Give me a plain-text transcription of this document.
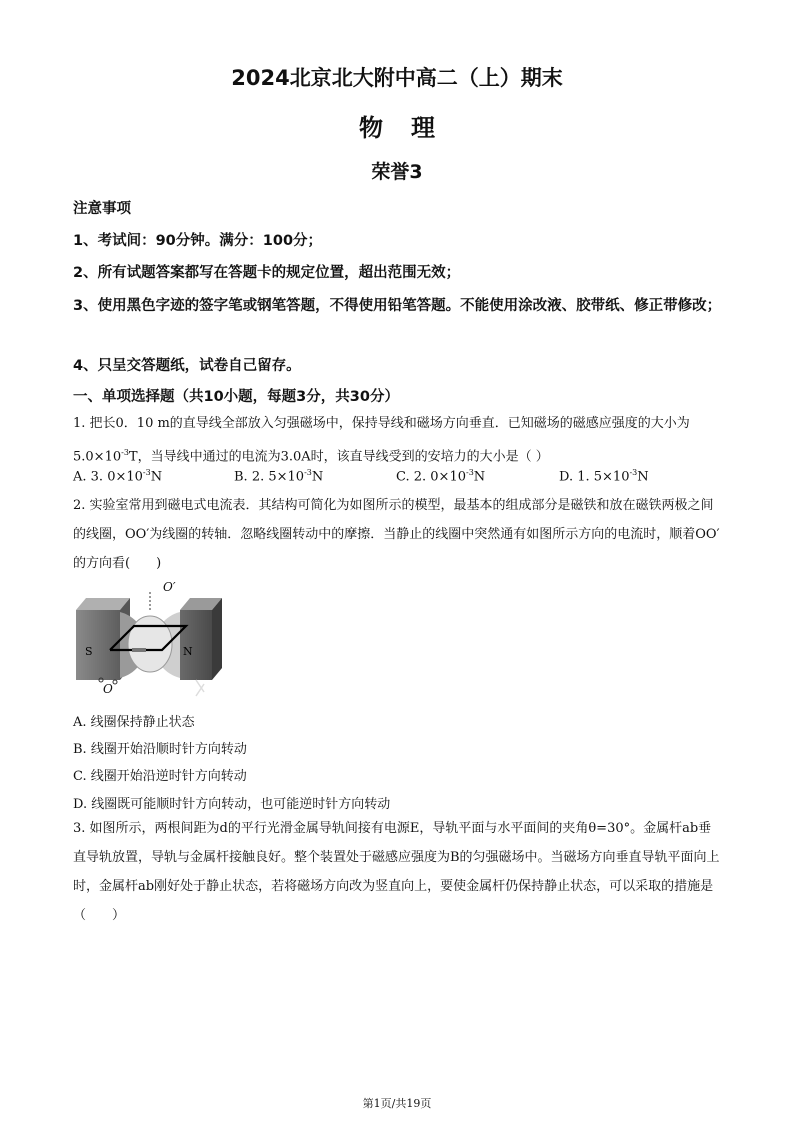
2024北京北大附中高二（上）期末
物理
荣誉3
注意事项
1、考试间：90分钟。满分：100分；
2、所有试题答案都写在答题卡的规定位置，超出范围无效；
3、使用黑色字迹的签字笔或钢笔答题，不得使用铅笔答题。不能使用涂改液、胶带纸、修正带修改；
4、只呈交答题纸，试卷自己留存。
一、单项选择题（共10小题，每题3分，共30分）
1. 把长0．10 m的直导线全部放入匀强磁场中，保持导线和磁场方向垂直．已知磁场的磁感应强度的大小为$5.0\times 10^{-3}T$，当导线中通过的电流为3.0A时，该直导线受到的安培力的大小是（ ）
A. 3. $0\times 10^{-3}N$	B. 2. $5\times 10^{-3}N$	C. 2. $0\times 10^{-3}N$	D. 1. $5\times 10^{-3}N$
2. 实验室常用到磁电式电流表．其结构可简化为如图所示的模型，最基本的组成部分是磁铁和放在磁铁两极之间的线圈，OO′为线圈的转轴．忽略线圈转动中的摩擦．当静止的线圈中突然通有如图所示方向的电流时，顺着OO′的方向看(　　)
O′
O
S	N
A. 线圈保持静止状态
B. 线圈开始沿顺时针方向转动
C. 线圈开始沿逆时针方向转动
D. 线圈既可能顺时针方向转动，也可能逆时针方向转动
3. 如图所示，两根间距为d的平行光滑金属导轨间接有电源E，导轨平面与水平面间的夹角θ=30°。金属杆ab垂直导轨放置，导轨与金属杆接触良好。整个装置处于磁感应强度为B的匀强磁场中。当磁场方向垂直导轨平面向上时，金属杆ab刚好处于静止状态，若将磁场方向改为竖直向上，要使金属杆仍保持静止状态，可以采取的措施是（　　）
第1页/共19页
